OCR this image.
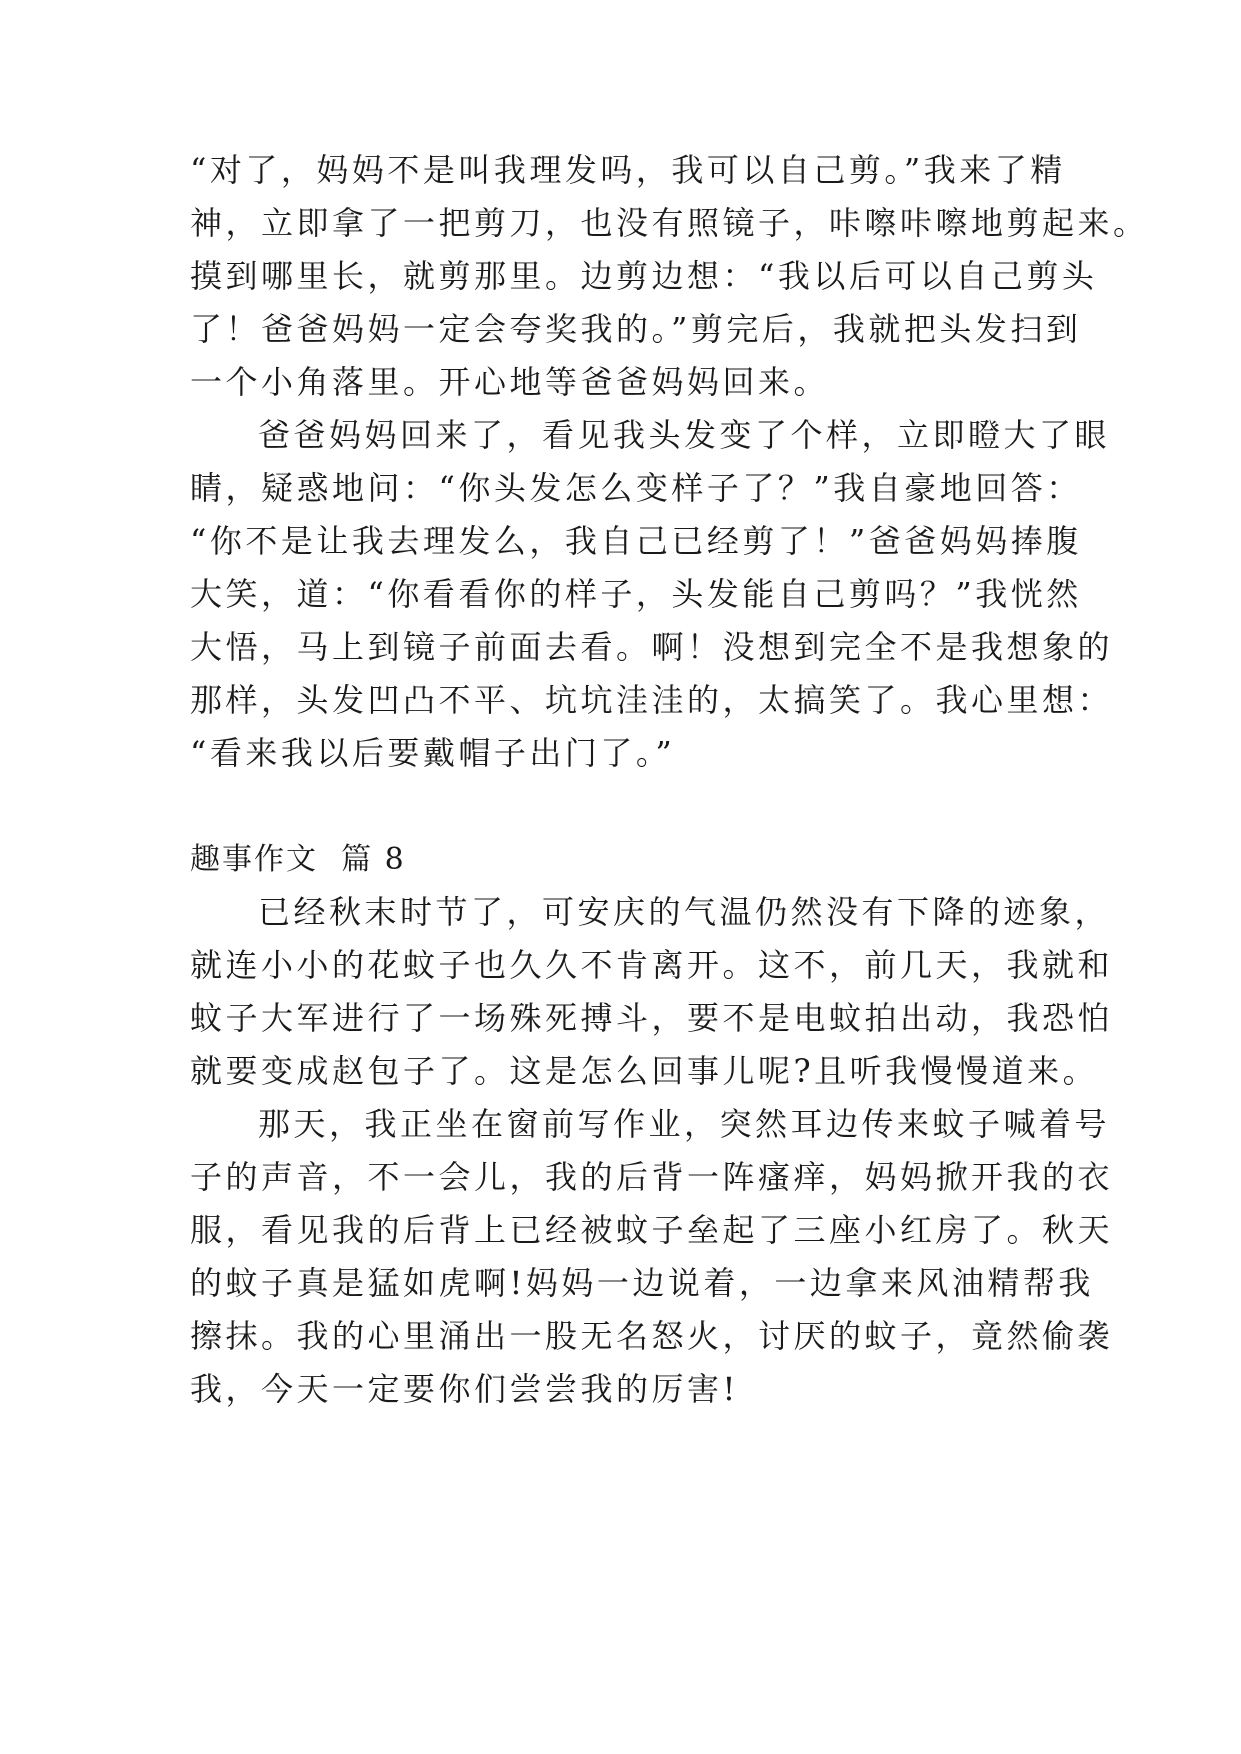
“对了，妈妈不是叫我理发吗，我可以自己剪。”我来了精
神，立即拿了一把剪刀，也没有照镜子，咔嚓咔嚓地剪起来。
摸到哪里长，就剪那里。边剪边想：“我以后可以自己剪头
了！爸爸妈妈一定会夸奖我的。”剪完后，我就把头发扫到
一个小角落里。开心地等爸爸妈妈回来。
爸爸妈妈回来了，看见我头发变了个样，立即瞪大了眼
睛，疑惑地问：“你头发怎么变样子了？”我自豪地回答：
“你不是让我去理发么，我自己已经剪了！”爸爸妈妈捧腹
大笑，道：“你看看你的样子，头发能自己剪吗？”我恍然
大悟，马上到镜子前面去看。啊！没想到完全不是我想象的
那样，头发凹凸不平、坑坑洼洼的，太搞笑了。我心里想：
“看来我以后要戴帽子出门了。”
趣事作文  篇 8
已经秋末时节了，可安庆的气温仍然没有下降的迹象，
就连小小的花蚊子也久久不肯离开。这不，前几天，我就和
蚊子大军进行了一场殊死搏斗，要不是电蚊拍出动，我恐怕
就要变成赵包子了。这是怎么回事儿呢?且听我慢慢道来。
那天，我正坐在窗前写作业，突然耳边传来蚊子喊着号
子的声音，不一会儿，我的后背一阵瘙痒，妈妈掀开我的衣
服，看见我的后背上已经被蚊子垒起了三座小红房了。秋天
的蚊子真是猛如虎啊!妈妈一边说着，一边拿来风油精帮我
擦抹。我的心里涌出一股无名怒火，讨厌的蚊子，竟然偷袭
我，今天一定要你们尝尝我的厉害!
